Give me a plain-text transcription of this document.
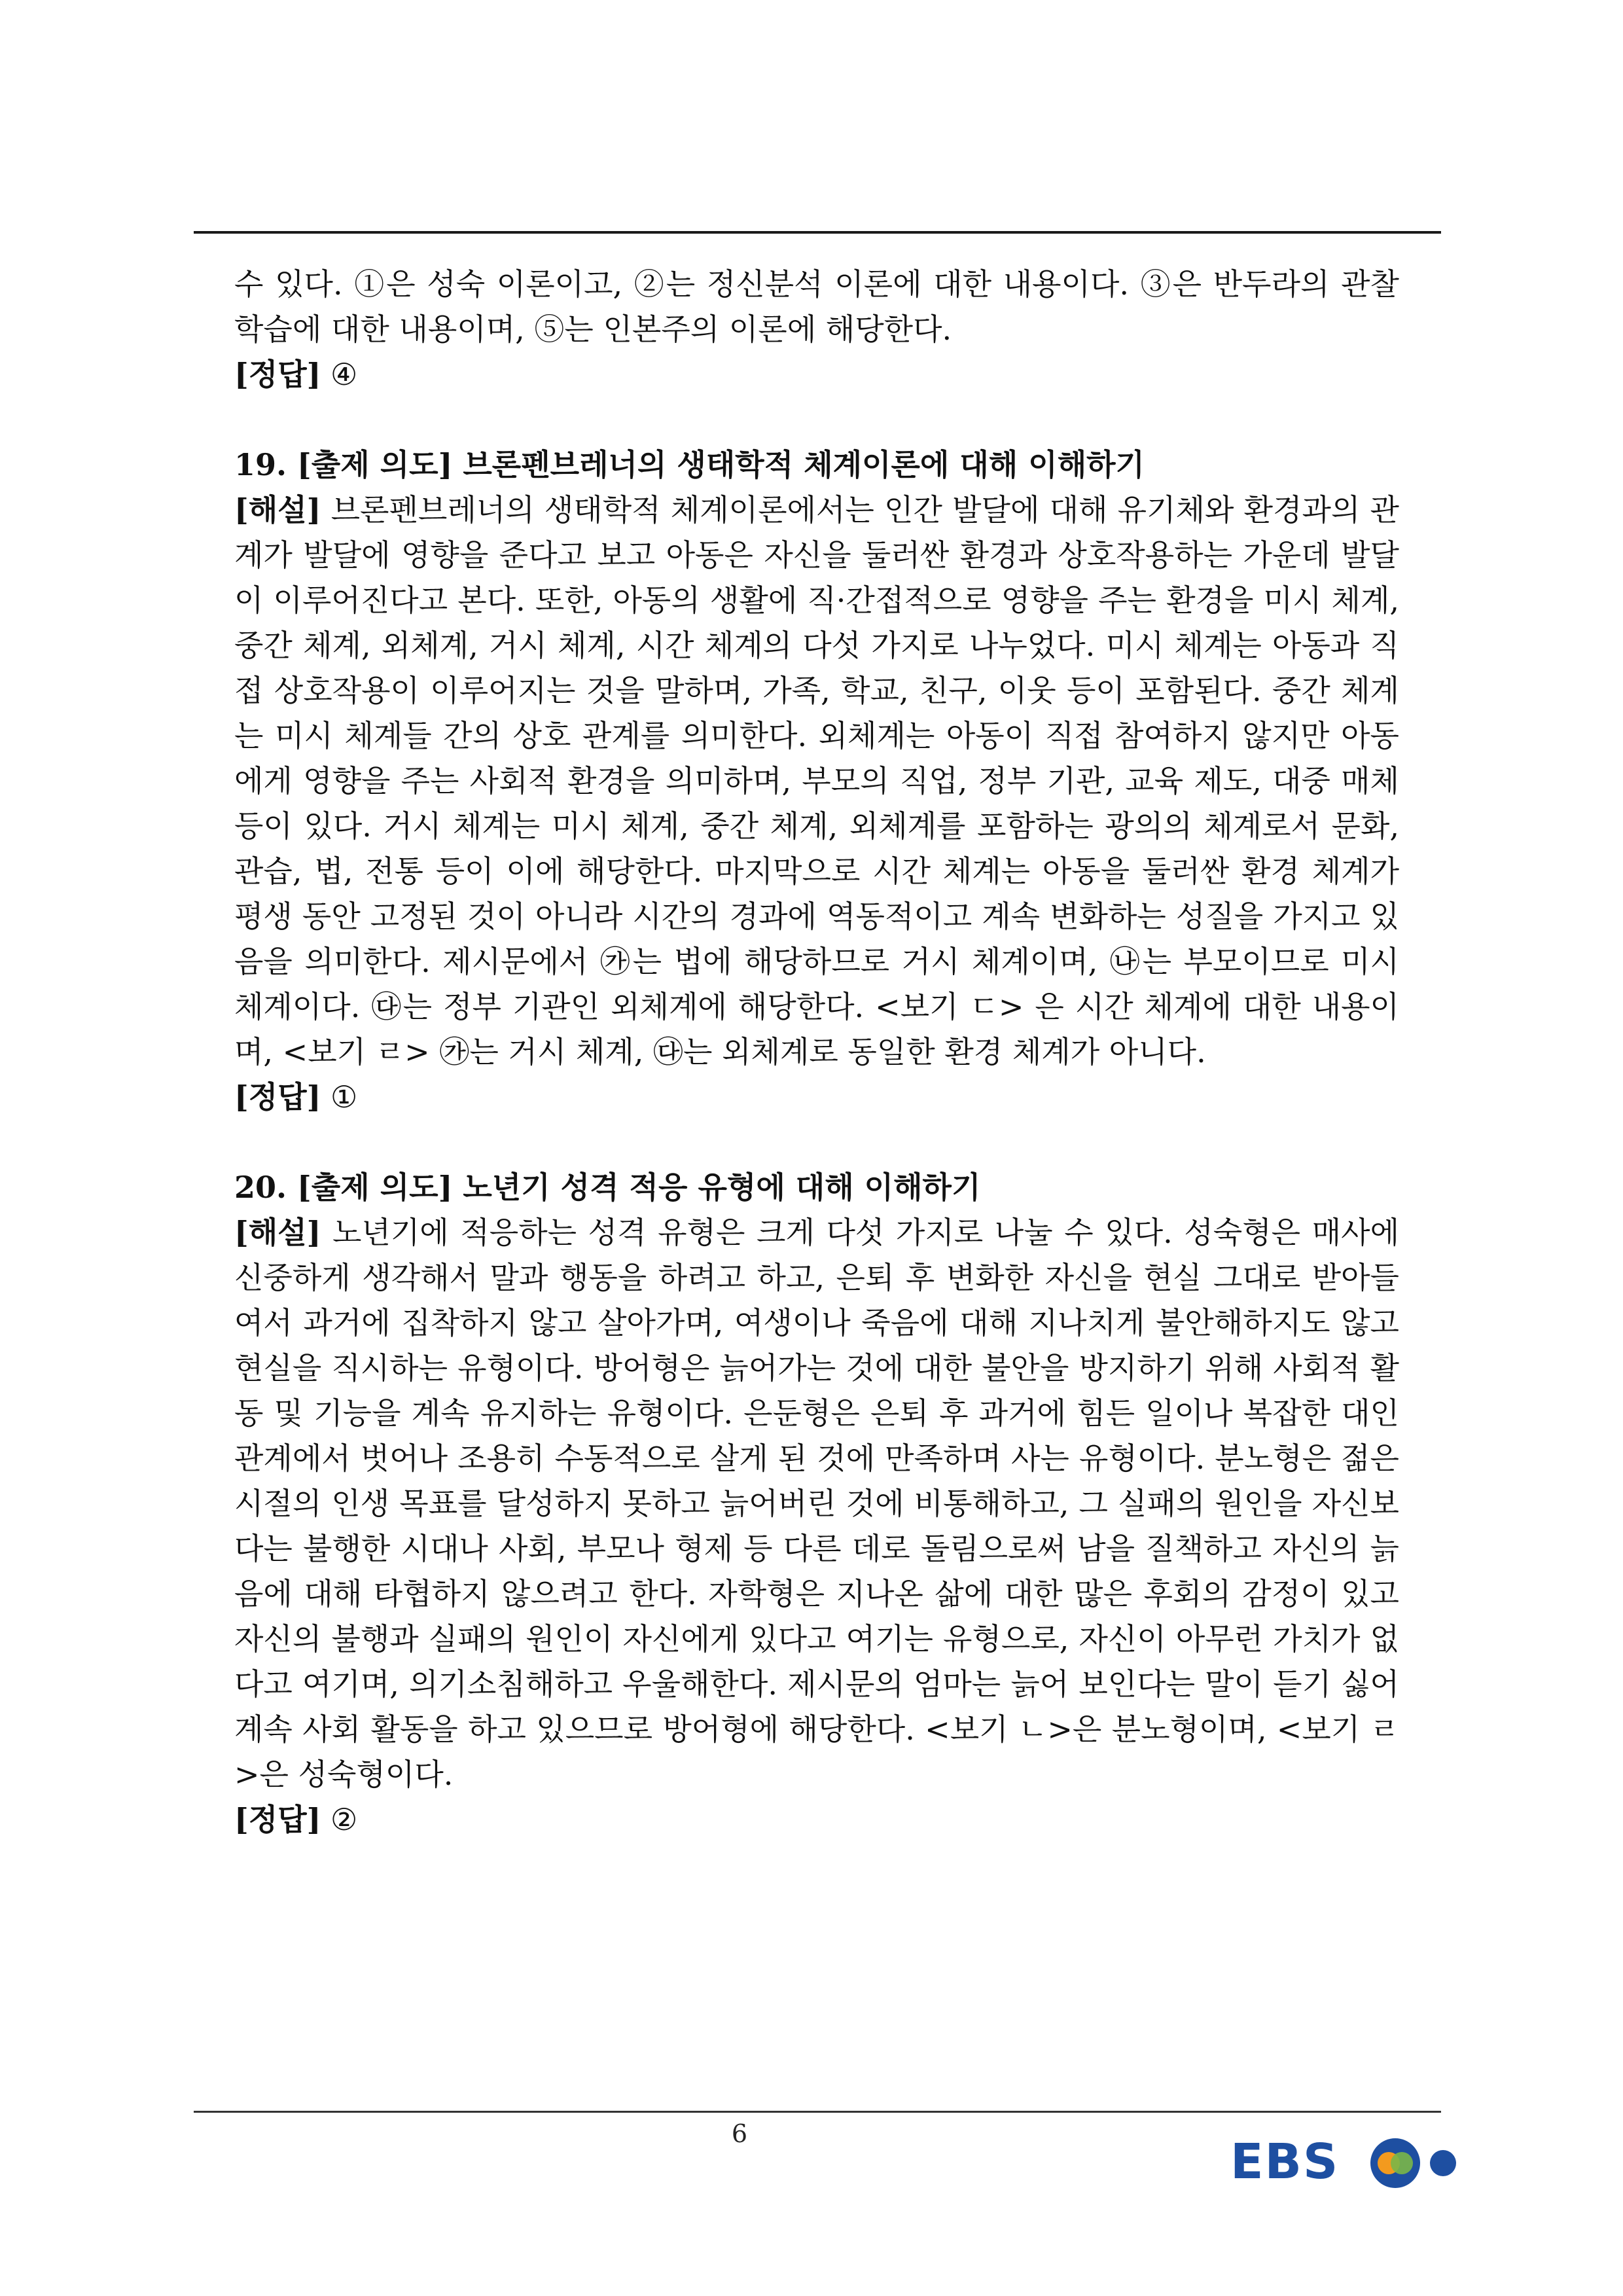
수 있다. ①은 성숙 이론이고, ②는 정신분석 이론에 대한 내용이다. ③은 반두라의 관찰 학습에 대한 내용이며, ⑤는 인본주의 이론에 해당한다.

[정답] ④

19. [출제 의도] 브론펜브레너의 생태학적 체계이론에 대해 이해하기

[해설] 브론펜브레너의 생태학적 체계이론에서는 인간 발달에 대해 유기체와 환경과의 관계가 발달에 영향을 준다고 보고 아동은 자신을 둘러싼 환경과 상호작용하는 가운데 발달이 이루어진다고 본다. 또한, 아동의 생활에 직·간접적으로 영향을 주는 환경을 미시 체계, 중간 체계, 외체계, 거시 체계, 시간 체계의 다섯 가지로 나누었다. 미시 체계는 아동과 직접 상호작용이 이루어지는 것을 말하며, 가족, 학교, 친구, 이웃 등이 포함된다. 중간 체계는 미시 체계들 간의 상호 관계를 의미한다. 외체계는 아동이 직접 참여하지 않지만 아동에게 영향을 주는 사회적 환경을 의미하며, 부모의 직업, 정부 기관, 교육 제도, 대중 매체 등이 있다. 거시 체계는 미시 체계, 중간 체계, 외체계를 포함하는 광의의 체계로서 문화, 관습, 법, 전통 등이 이에 해당한다. 마지막으로 시간 체계는 아동을 둘러싼 환경 체계가 평생 동안 고정된 것이 아니라 시간의 경과에 역동적이고 계속 변화하는 성질을 가지고 있음을 의미한다. 제시문에서 ㉮는 법에 해당하므로 거시 체계이며, ㉯는 부모이므로 미시 체계이다. ㉰는 정부 기관인 외체계에 해당한다. <보기 ㄷ> 은 시간 체계에 대한 내용이며, <보기 ㄹ> ㉮는 거시 체계, ㉰는 외체계로 동일한 환경 체계가 아니다.

[정답] ①

20. [출제 의도] 노년기 성격 적응 유형에 대해 이해하기

[해설] 노년기에 적응하는 성격 유형은 크게 다섯 가지로 나눌 수 있다. 성숙형은 매사에 신중하게 생각해서 말과 행동을 하려고 하고, 은퇴 후 변화한 자신을 현실 그대로 받아들여서 과거에 집착하지 않고 살아가며, 여생이나 죽음에 대해 지나치게 불안해하지도 않고 현실을 직시하는 유형이다. 방어형은 늙어가는 것에 대한 불안을 방지하기 위해 사회적 활동 및 기능을 계속 유지하는 유형이다. 은둔형은 은퇴 후 과거에 힘든 일이나 복잡한 대인 관계에서 벗어나 조용히 수동적으로 살게 된 것에 만족하며 사는 유형이다. 분노형은 젊은 시절의 인생 목표를 달성하지 못하고 늙어버린 것에 비통해하고, 그 실패의 원인을 자신보다는 불행한 시대나 사회, 부모나 형제 등 다른 데로 돌림으로써 남을 질책하고 자신의 늙음에 대해 타협하지 않으려고 한다. 자학형은 지나온 삶에 대한 많은 후회의 감정이 있고 자신의 불행과 실패의 원인이 자신에게 있다고 여기는 유형으로, 자신이 아무런 가치가 없다고 여기며, 의기소침해하고 우울해한다. 제시문의 엄마는 늙어 보인다는 말이 듣기 싫어 계속 사회 활동을 하고 있으므로 방어형에 해당한다. <보기 ㄴ>은 분노형이며, <보기 ㄹ>은 성숙형이다.

[정답] ②

6	EBS
